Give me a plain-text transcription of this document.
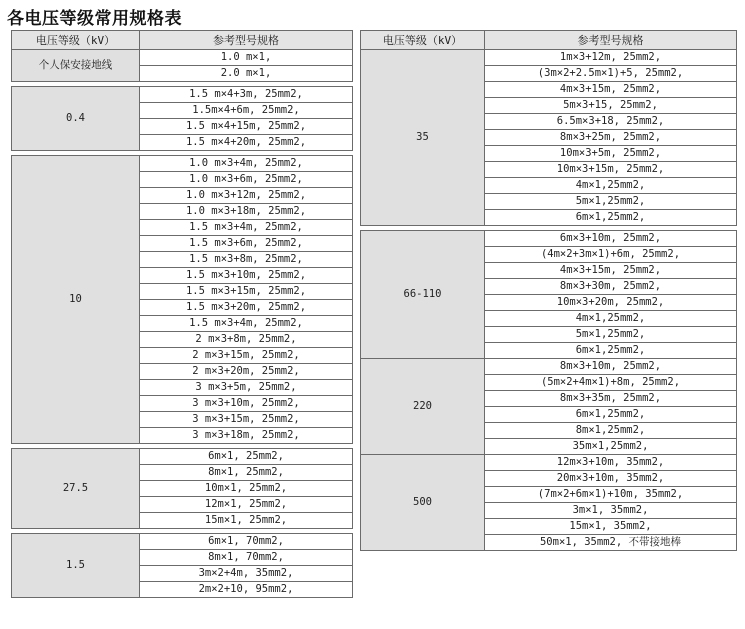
各电压等级常用规格表
电压等级（kV）	参考型号规格
个人保安接地线	1.0 m×1,
	2.0 m×1,

0.4	1.5 m×4+3m, 25mm2,
	1.5m×4+6m, 25mm2,
	1.5 m×4+15m, 25mm2,
	1.5 m×4+20m, 25mm2,

10	1.0 m×3+4m, 25mm2,
	1.0 m×3+6m, 25mm2,
	1.0 m×3+12m, 25mm2,
	1.0 m×3+18m, 25mm2,
	1.5 m×3+4m, 25mm2,
	1.5 m×3+6m, 25mm2,
	1.5 m×3+8m, 25mm2,
	1.5 m×3+10m, 25mm2,
	1.5 m×3+15m, 25mm2,
	1.5 m×3+20m, 25mm2,
	1.5 m×3+4m, 25mm2,
	2 m×3+8m, 25mm2,
	2 m×3+15m, 25mm2,
	2 m×3+20m, 25mm2,
	3 m×3+5m, 25mm2,
	3 m×3+10m, 25mm2,
	3 m×3+15m, 25mm2,
	3 m×3+18m, 25mm2,

27.5	6m×1, 25mm2,
	8m×1, 25mm2,
	10m×1, 25mm2,
	12m×1, 25mm2,
	15m×1, 25mm2,

1.5	6m×1, 70mm2,
	8m×1, 70mm2,
	3m×2+4m, 35mm2,
	2m×2+10, 95mm2,
电压等级（kV）	参考型号规格
35	1m×3+12m, 25mm2,
	(3m×2+2.5m×1)+5, 25mm2,
	4m×3+15m, 25mm2,
	5m×3+15, 25mm2,
	6.5m×3+18, 25mm2,
	8m×3+25m, 25mm2,
	10m×3+5m, 25mm2,
	10m×3+15m, 25mm2,
	4m×1,25mm2,
	5m×1,25mm2,
	6m×1,25mm2,

66-110	6m×3+10m, 25mm2,
	(4m×2+3m×1)+6m, 25mm2,
	4m×3+15m, 25mm2,
	8m×3+30m, 25mm2,
	10m×3+20m, 25mm2,
	4m×1,25mm2,
	5m×1,25mm2,
	6m×1,25mm2,
220	8m×3+10m, 25mm2,
	(5m×2+4m×1)+8m, 25mm2,
	8m×3+35m, 25mm2,
	6m×1,25mm2,
	8m×1,25mm2,
	35m×1,25mm2,
500	12m×3+10m, 35mm2,
	20m×3+10m, 35mm2,
	(7m×2+6m×1)+10m, 35mm2,
	3m×1, 35mm2,
	15m×1, 35mm2,
	50m×1, 35mm2, 不带接地棒
